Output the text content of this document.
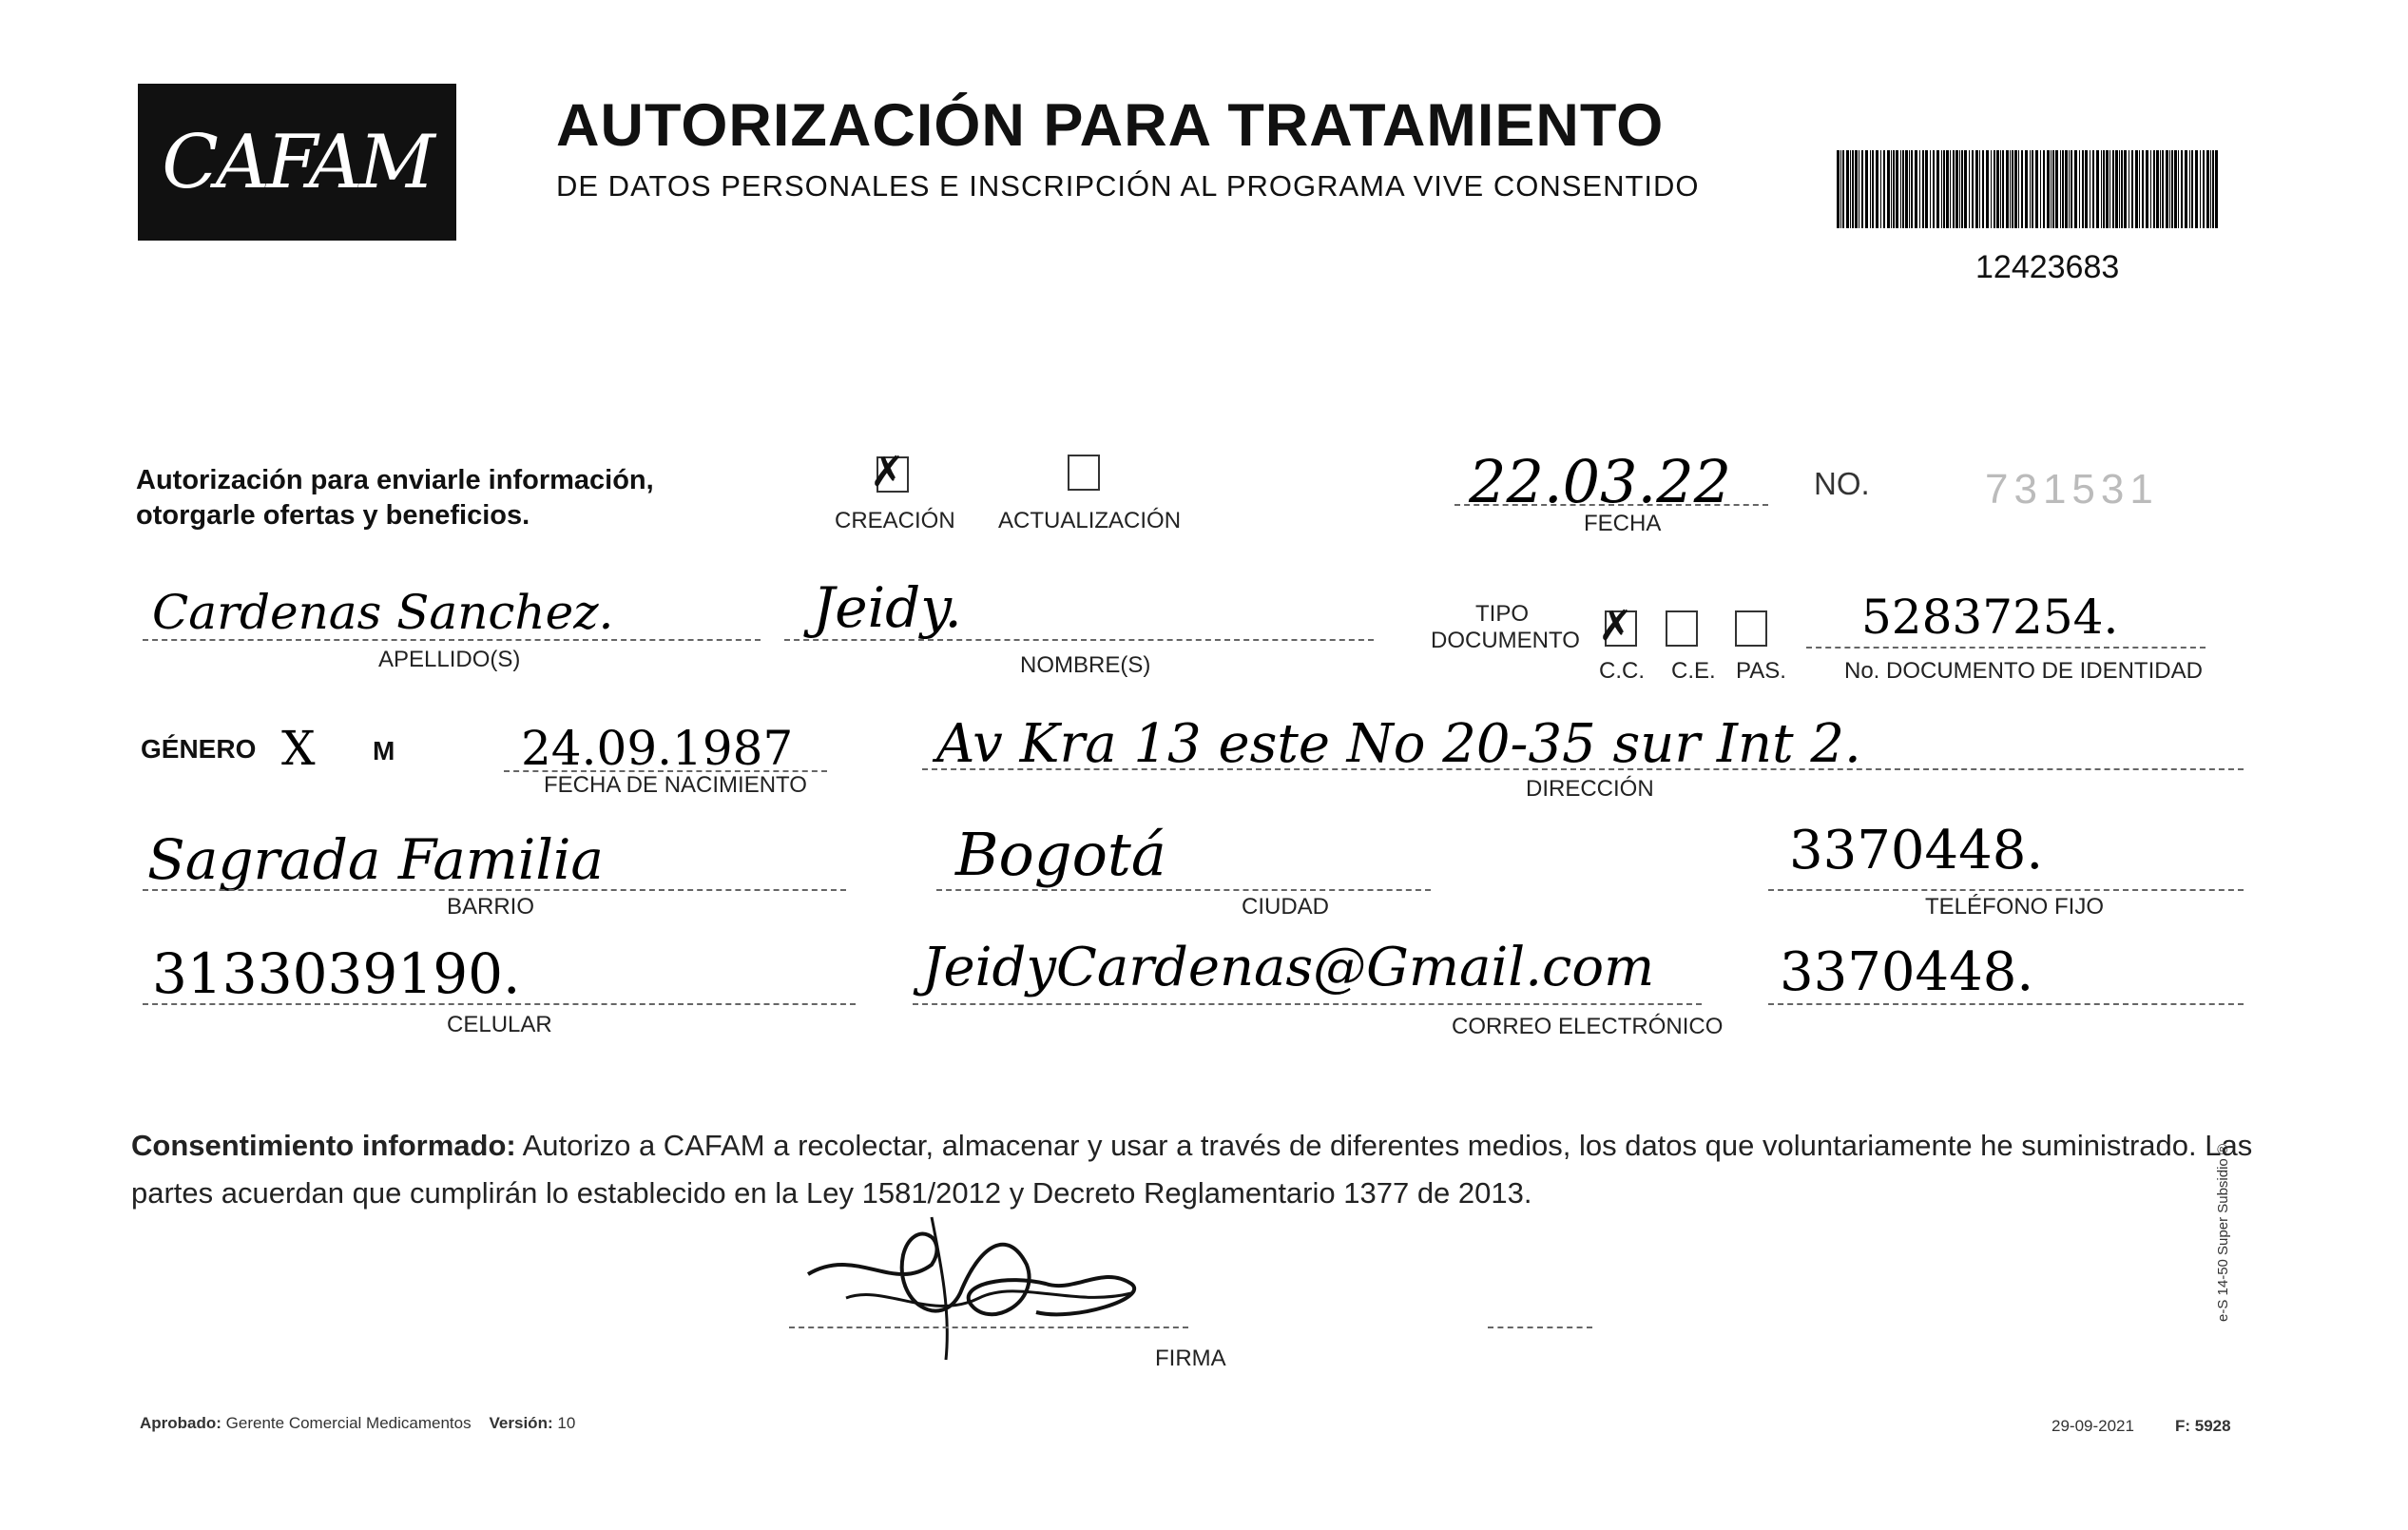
CAFAM	AUTORIZACIÓN PARA TRATAMIENTO
DE DATOS PERSONALES E INSCRIPCIÓN AL PROGRAMA VIVE CONSENTIDO
12423683
Autorización para enviarle información,
otorgarle ofertas y beneficios.
✗
CREACIÓN ACTUALIZACIÓN
22.03.22
FECHA
NO.	731531
Cardenas Sanchez.
APELLIDO(S)
Jeidy.
NOMBRE(S)
TIPO
DOCUMENTO ✗
C.C. C.E. PAS.
52837254.
No. DOCUMENTO DE IDENTIDAD
GÉNERO X M	24.09.1987
FECHA DE NACIMIENTO
Av Kra 13 este No 20-35 sur Int 2.
DIRECCIÓN
Sagrada Familia
BARRIO
Bogotá
CIUDAD
3370448.
TELÉFONO FIJO
3133039190.
CELULAR
JeidyCardenas@Gmail.com
CORREO ELECTRÓNICO
3370448.
Consentimiento informado: Autorizo a CAFAM a recolectar, almacenar y usar a través de diferentes medios, los datos que voluntariamente he suministrado. Las partes acuerdan que cumplirán lo establecido en la Ley 1581/2012 y Decreto Reglamentario 1377 de 2013.
FIRMA
Aprobado: Gerente Comercial Medicamentos Versión: 10	29-09-2021	F: 5928
e-S 14-50 Super Subsidio ®
